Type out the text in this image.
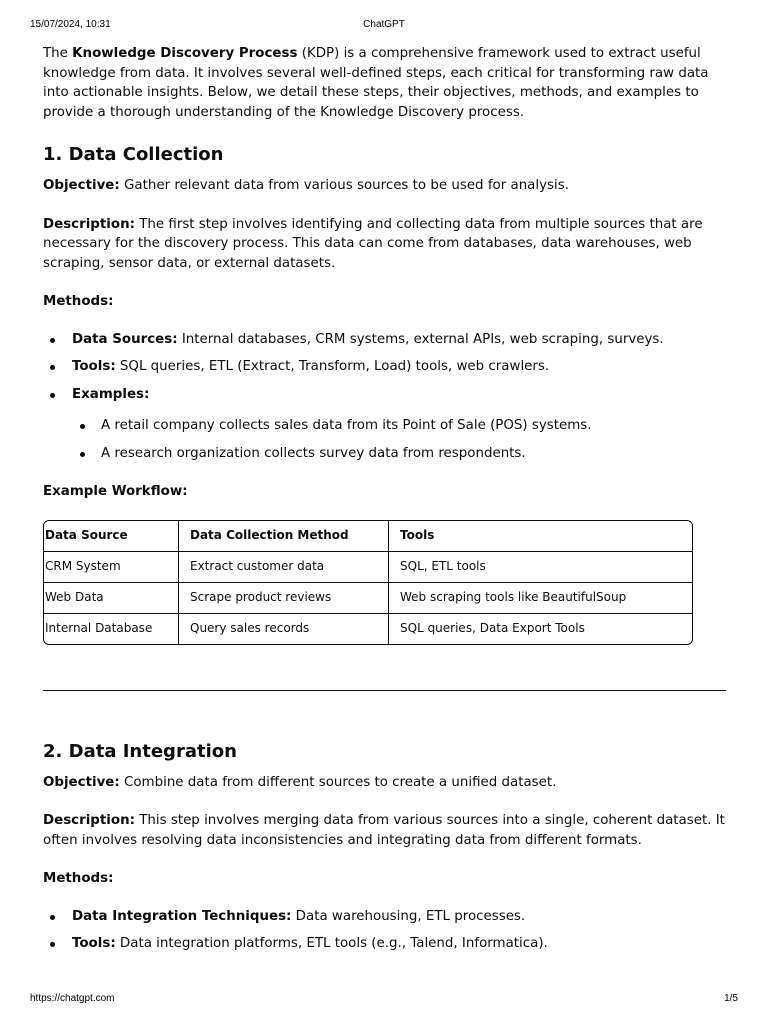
15/07/2024, 10:31	ChatGPT

The Knowledge Discovery Process (KDP) is a comprehensive framework used to extract useful knowledge from data. It involves several well-defined steps, each critical for transforming raw data into actionable insights. Below, we detail these steps, their objectives, methods, and examples to provide a thorough understanding of the Knowledge Discovery process.

1. Data Collection

Objective: Gather relevant data from various sources to be used for analysis.

Description: The first step involves identifying and collecting data from multiple sources that are necessary for the discovery process. This data can come from databases, data warehouses, web scraping, sensor data, or external datasets.

Methods:

Data Sources: Internal databases, CRM systems, external APIs, web scraping, surveys.
Tools: SQL queries, ETL (Extract, Transform, Load) tools, web crawlers.
Examples:
A retail company collects sales data from its Point of Sale (POS) systems.
A research organization collects survey data from respondents.

Example Workflow:

Data Source	Data Collection Method	Tools
CRM System	Extract customer data	SQL, ETL tools
Web Data	Scrape product reviews	Web scraping tools like BeautifulSoup
Internal Database	Query sales records	SQL queries, Data Export Tools
2. Data Integration

Objective: Combine data from different sources to create a unified dataset.

Description: This step involves merging data from various sources into a single, coherent dataset. It often involves resolving data inconsistencies and integrating data from different formats.

Methods:

Data Integration Techniques: Data warehousing, ETL processes.
Tools: Data integration platforms, ETL tools (e.g., Talend, Informatica).
https://chatgpt.com	1/5
